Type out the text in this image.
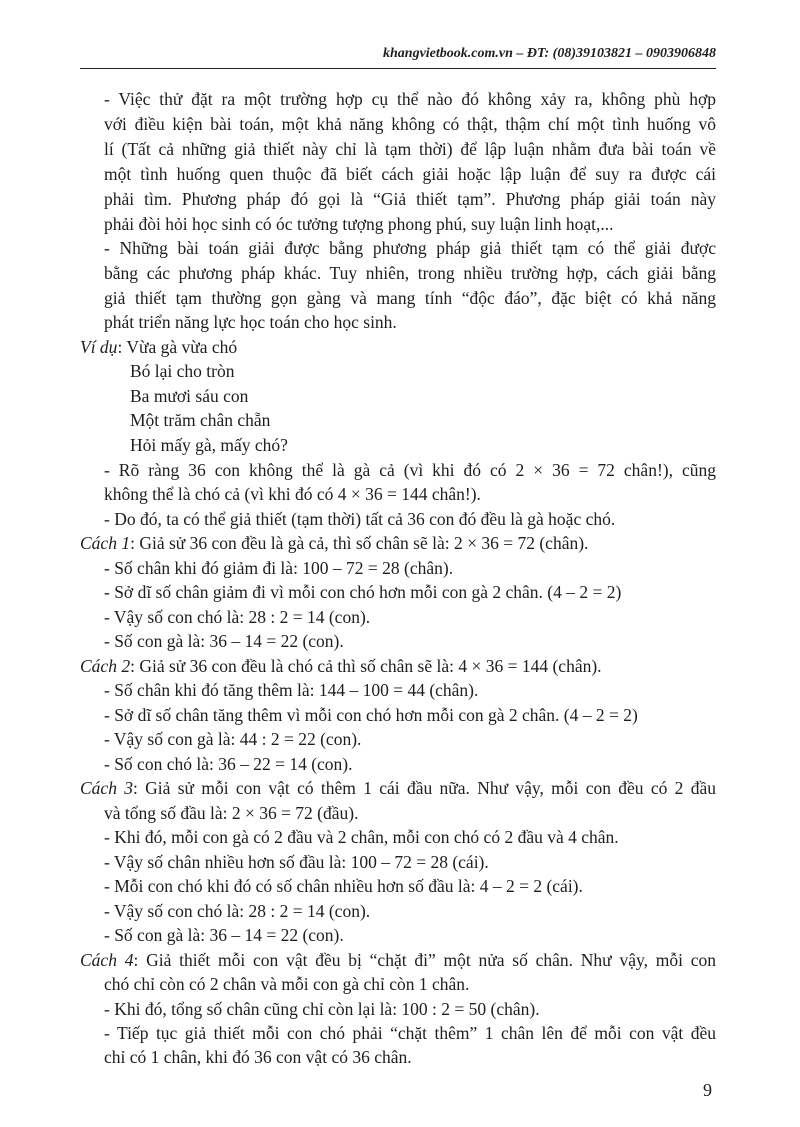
khangvietbook.com.vn – ĐT: (08)39103821 – 0903906848
- Việc thử đặt ra một trường hợp cụ thể nào đó không xảy ra, không phù hợp
với điều kiện bài toán, một khả năng không có thật, thậm chí một tình huống vô
lí (Tất cả những giả thiết này chỉ là tạm thời) để lập luận nhằm đưa bài toán về
một tình huống quen thuộc đã biết cách giải hoặc lập luận để suy ra được cái
phải tìm. Phương pháp đó gọi là “Giả thiết tạm”. Phương pháp giải toán này
phải đòi hỏi học sinh có óc tưởng tượng phong phú, suy luận linh hoạt,...
- Những bài toán giải được bằng phương pháp giả thiết tạm có thể giải được
bằng các phương pháp khác. Tuy nhiên, trong nhiều trường hợp, cách giải bằng
giả thiết tạm thường gọn gàng và mang tính “độc đáo”, đặc biệt có khả năng
phát triển năng lực học toán cho học sinh.
Ví dụ: Vừa gà vừa chó
Bó lại cho tròn
Ba mươi sáu con
Một trăm chân chẵn
Hỏi mấy gà, mấy chó?
- Rõ ràng 36 con không thể là gà cả (vì khi đó có 2 × 36 = 72 chân!), cũng
không thể là chó cả (vì khi đó có 4 × 36 = 144 chân!).
- Do đó, ta có thể giả thiết (tạm thời) tất cả 36 con đó đều là gà hoặc chó.
Cách 1: Giả sử 36 con đều là gà cả, thì số chân sẽ là: 2 × 36 = 72 (chân).
- Số chân khi đó giảm đi là: 100 – 72 = 28 (chân).
- Sở dĩ số chân giảm đi vì mỗi con chó hơn mỗi con gà 2 chân. (4 – 2 = 2)
- Vậy số con chó là: 28 : 2 = 14 (con).
- Số con gà là: 36 – 14 = 22 (con).
Cách 2: Giả sử 36 con đều là chó cả thì số chân sẽ là: 4 × 36 = 144 (chân).
- Số chân khi đó tăng thêm là: 144 – 100 = 44 (chân).
- Sở dĩ số chân tăng thêm vì mỗi con chó hơn mỗi con gà 2 chân. (4 – 2 = 2)
- Vậy số con gà là: 44 : 2 = 22 (con).
- Số con chó là: 36 – 22 = 14 (con).
Cách 3: Giả sử mỗi con vật có thêm 1 cái đầu nữa. Như vậy, mỗi con đều có 2 đầu
và tổng số đầu là: 2 × 36 = 72 (đầu).
- Khi đó, mỗi con gà có 2 đầu và 2 chân, mỗi con chó có 2 đầu và 4 chân.
- Vậy số chân nhiều hơn số đầu là: 100 – 72 = 28 (cái).
- Mỗi con chó khi đó có số chân nhiều hơn số đầu là: 4 – 2 = 2 (cái).
- Vậy số con chó là: 28 : 2 = 14 (con).
- Số con gà là: 36 – 14 = 22 (con).
Cách 4: Giả thiết mỗi con vật đều bị “chặt đi” một nửa số chân. Như vậy, mỗi con
chó chỉ còn có 2 chân và mỗi con gà chỉ còn 1 chân.
- Khi đó, tổng số chân cũng chỉ còn lại là: 100 : 2 = 50 (chân).
- Tiếp tục giả thiết mỗi con chó phải “chặt thêm” 1 chân lên để mỗi con vật đều
chỉ có 1 chân, khi đó 36 con vật có 36 chân.
9
